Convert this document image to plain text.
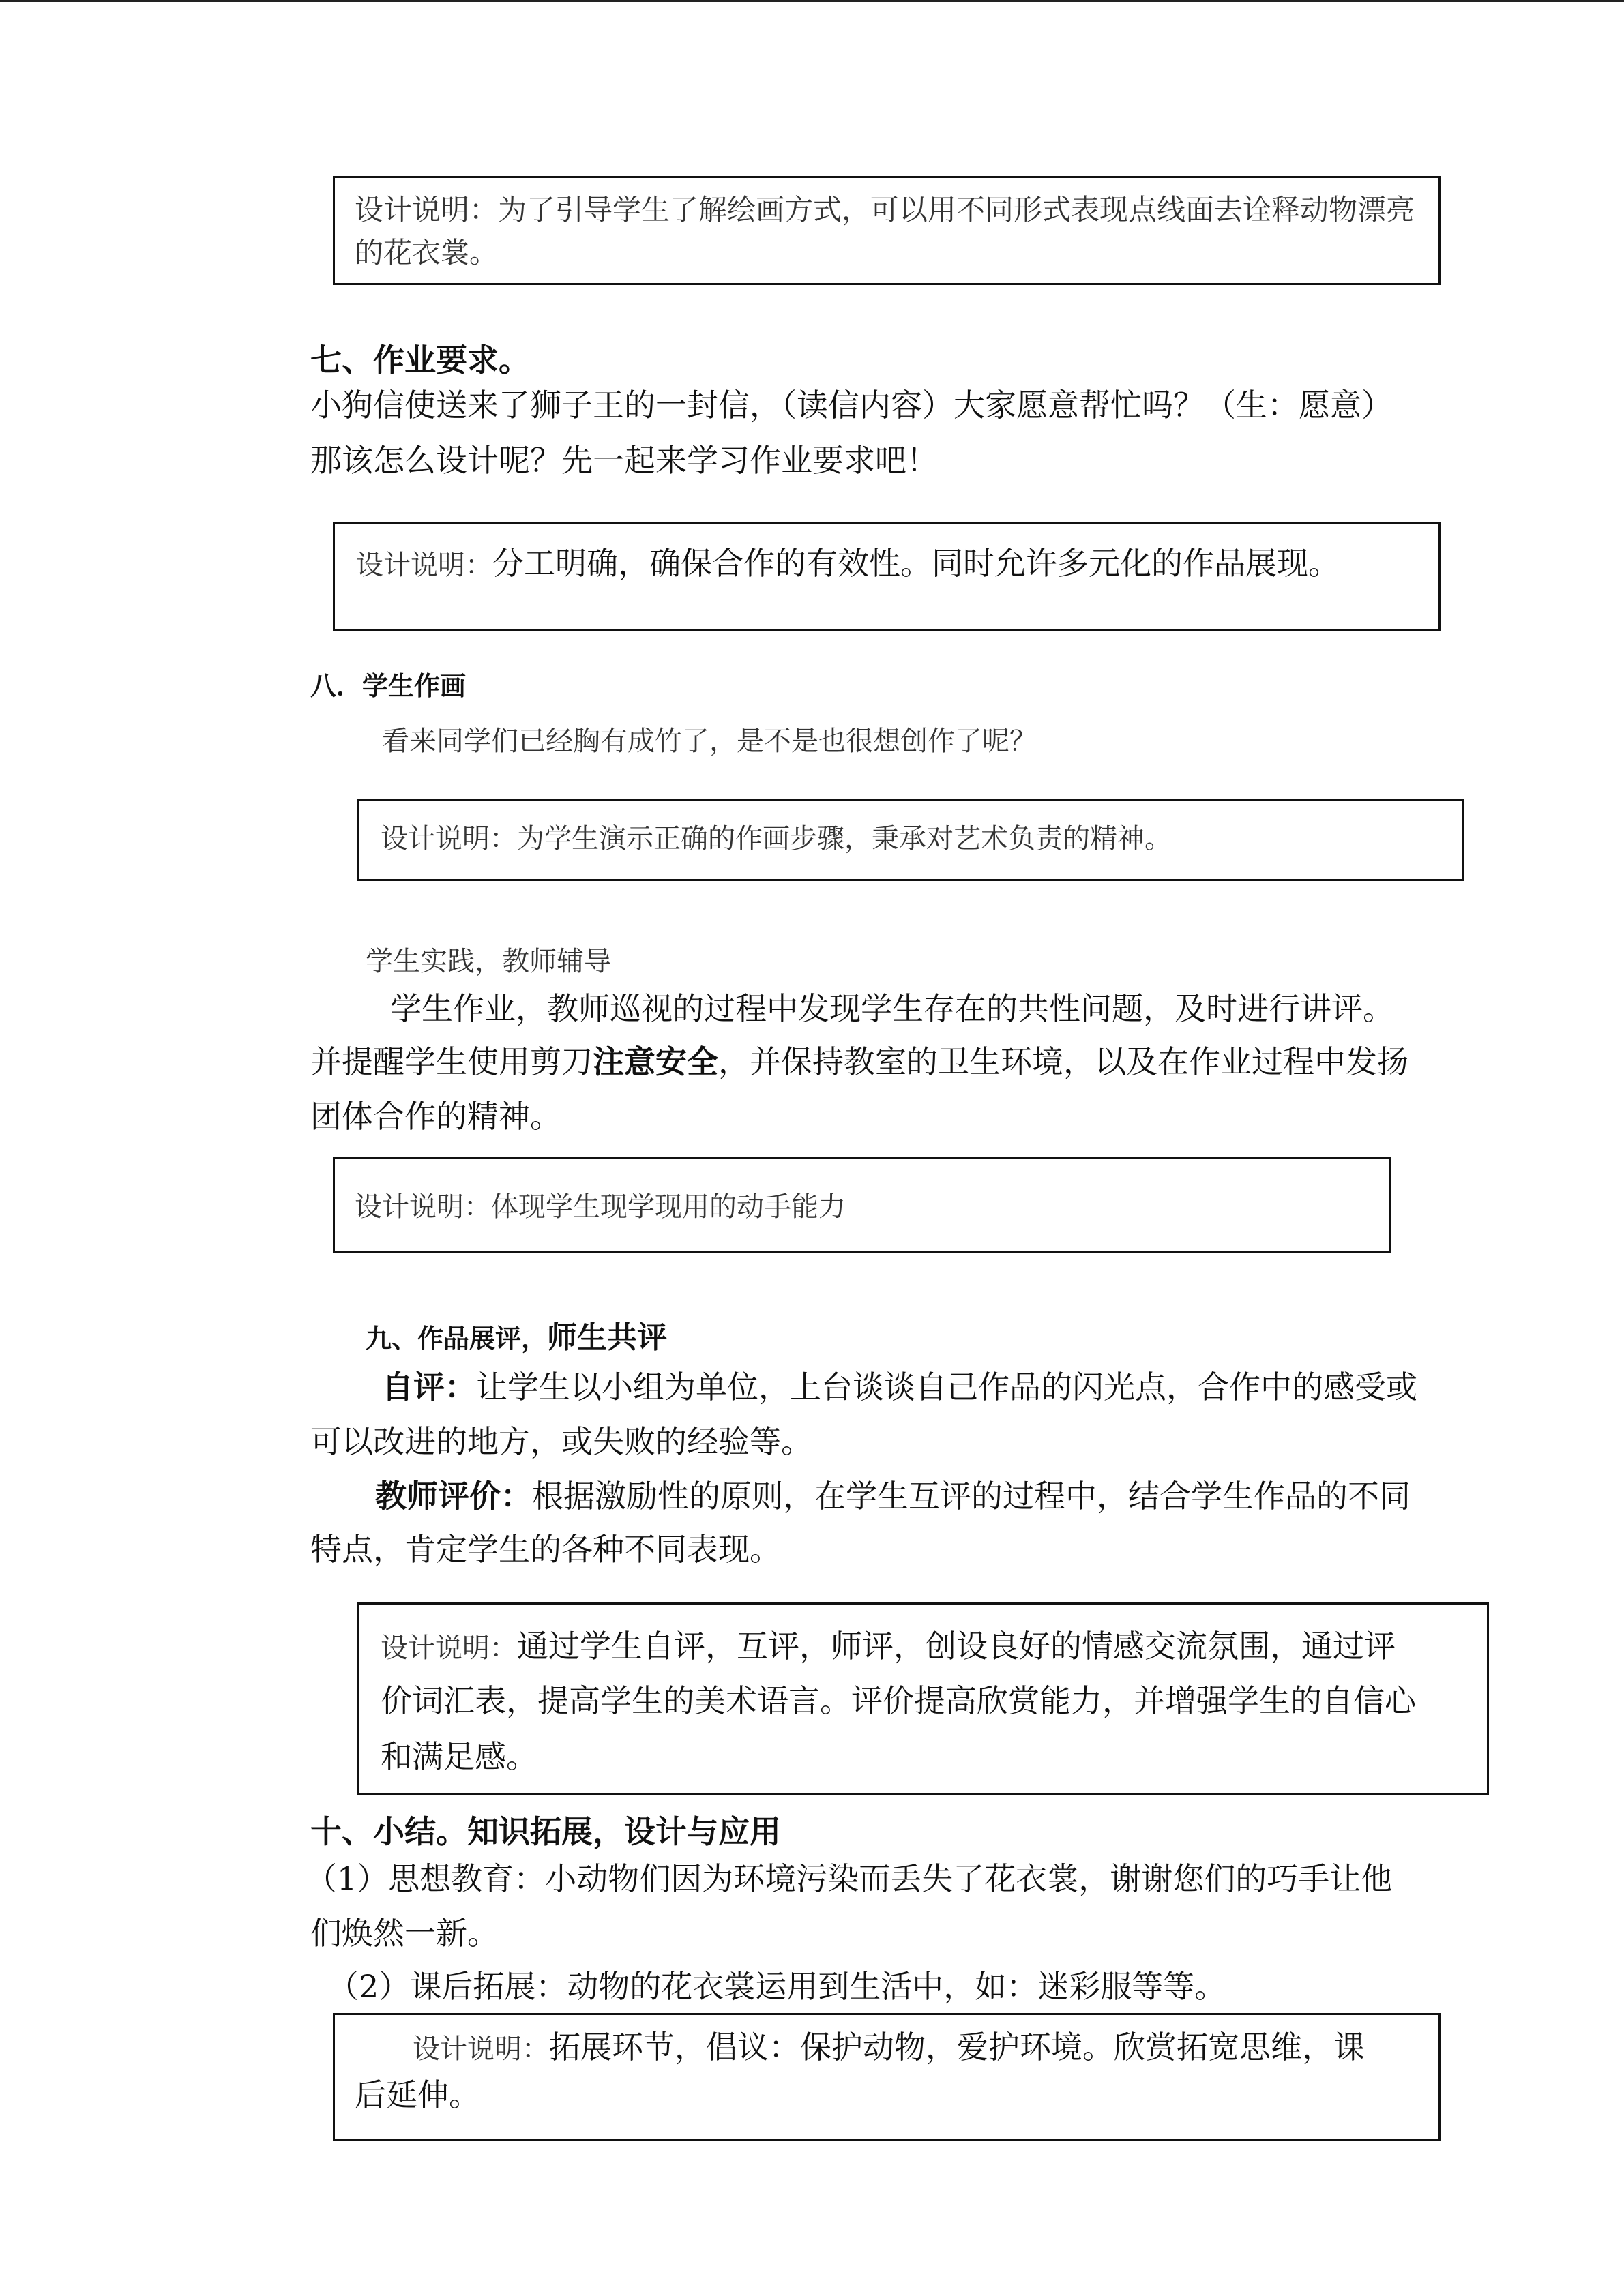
设计说明：为了引导学生了解绘画方式，可以用不同形式表现点线面去诠释动物漂亮
的花衣裳。
七、作业要求。
小狗信使送来了狮子王的一封信，（读信内容）大家愿意帮忙吗？（生：愿意）
那该怎么设计呢？先一起来学习作业要求吧！
设计说明：分工明确，确保合作的有效性。同时允许多元化的作品展现。
八．学生作画
看来同学们已经胸有成竹了，是不是也很想创作了呢？
设计说明：为学生演示正确的作画步骤，秉承对艺术负责的精神。
学生实践，教师辅导
学生作业，教师巡视的过程中发现学生存在的共性问题，及时进行讲评。
并提醒学生使用剪刀注意安全，并保持教室的卫生环境，以及在作业过程中发扬
团体合作的精神。
设计说明：体现学生现学现用的动手能力
九、作品展评，师生共评
自评：让学生以小组为单位，上台谈谈自己作品的闪光点，合作中的感受或
可以改进的地方，或失败的经验等。
教师评价：根据激励性的原则，在学生互评的过程中，结合学生作品的不同
特点，肯定学生的各种不同表现。
设计说明：通过学生自评，互评，师评，创设良好的情感交流氛围，通过评
价词汇表，提高学生的美术语言。评价提高欣赏能力，并增强学生的自信心
和满足感。
十、小结。知识拓展，设计与应用
（1）思想教育：小动物们因为环境污染而丢失了花衣裳，谢谢您们的巧手让他
们焕然一新。
（2）课后拓展：动物的花衣裳运用到生活中，如：迷彩服等等。
设计说明：拓展环节，倡议：保护动物，爱护环境。欣赏拓宽思维，课
后延伸。
